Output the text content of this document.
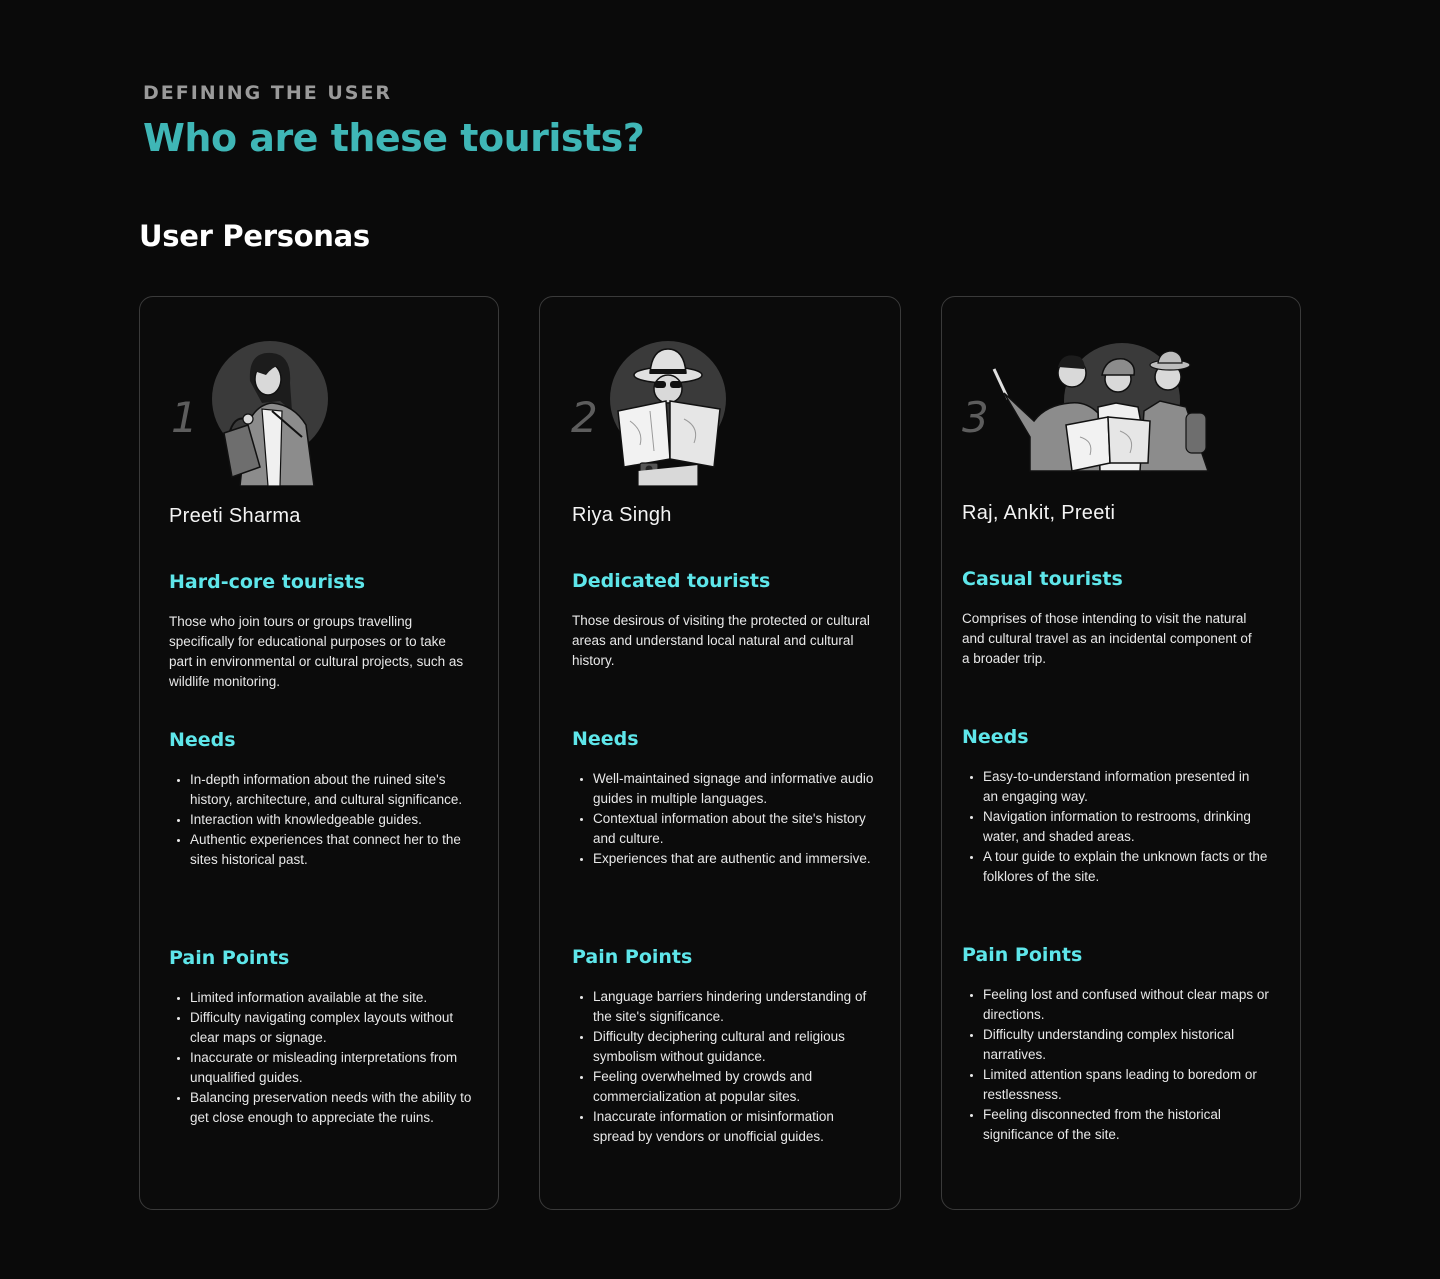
DEFINING THE USER
Who are these tourists?
User Personas
1
Preeti Sharma
Hard-core tourists

Those who join tours or groups travelling specifically for educational purposes or to take part in environmental or cultural projects, such as wildlife monitoring.

Needs
• In-depth information about the ruined site's history, architecture, and cultural significance.
• Interaction with knowledgeable guides.
• Authentic experiences that connect her to the sites historical past.
Pain Points
• Limited information available at the site.
• Difficulty navigating complex layouts without clear maps or signage.
• Inaccurate or misleading interpretations from unqualified guides.
• Balancing preservation needs with the ability to get close enough to appreciate the ruins.
2
Riya Singh
Dedicated tourists

Those desirous of visiting the protected or cultural areas and understand local natural and cultural history.

Needs
• Well-maintained signage and informative audio guides in multiple languages.
• Contextual information about the site's history and culture.
• Experiences that are authentic and immersive.
Pain Points
• Language barriers hindering understanding of the site's significance.
• Difficulty deciphering cultural and religious symbolism without guidance.
• Feeling overwhelmed by crowds and commercialization at popular sites.
• Inaccurate information or misinformation spread by vendors or unofficial guides.
3
Raj, Ankit, Preeti
Casual tourists

Comprises of those intending to visit the natural and cultural travel as an incidental component of a broader trip.

Needs
• Easy-to-understand information presented in an engaging way.
• Navigation information to restrooms, drinking water, and shaded areas.
• A tour guide to explain the unknown facts or the folklores of the site.
Pain Points
• Feeling lost and confused without clear maps or directions.
• Difficulty understanding complex historical narratives.
• Limited attention spans leading to boredom or restlessness.
• Feeling disconnected from the historical significance of the site.
